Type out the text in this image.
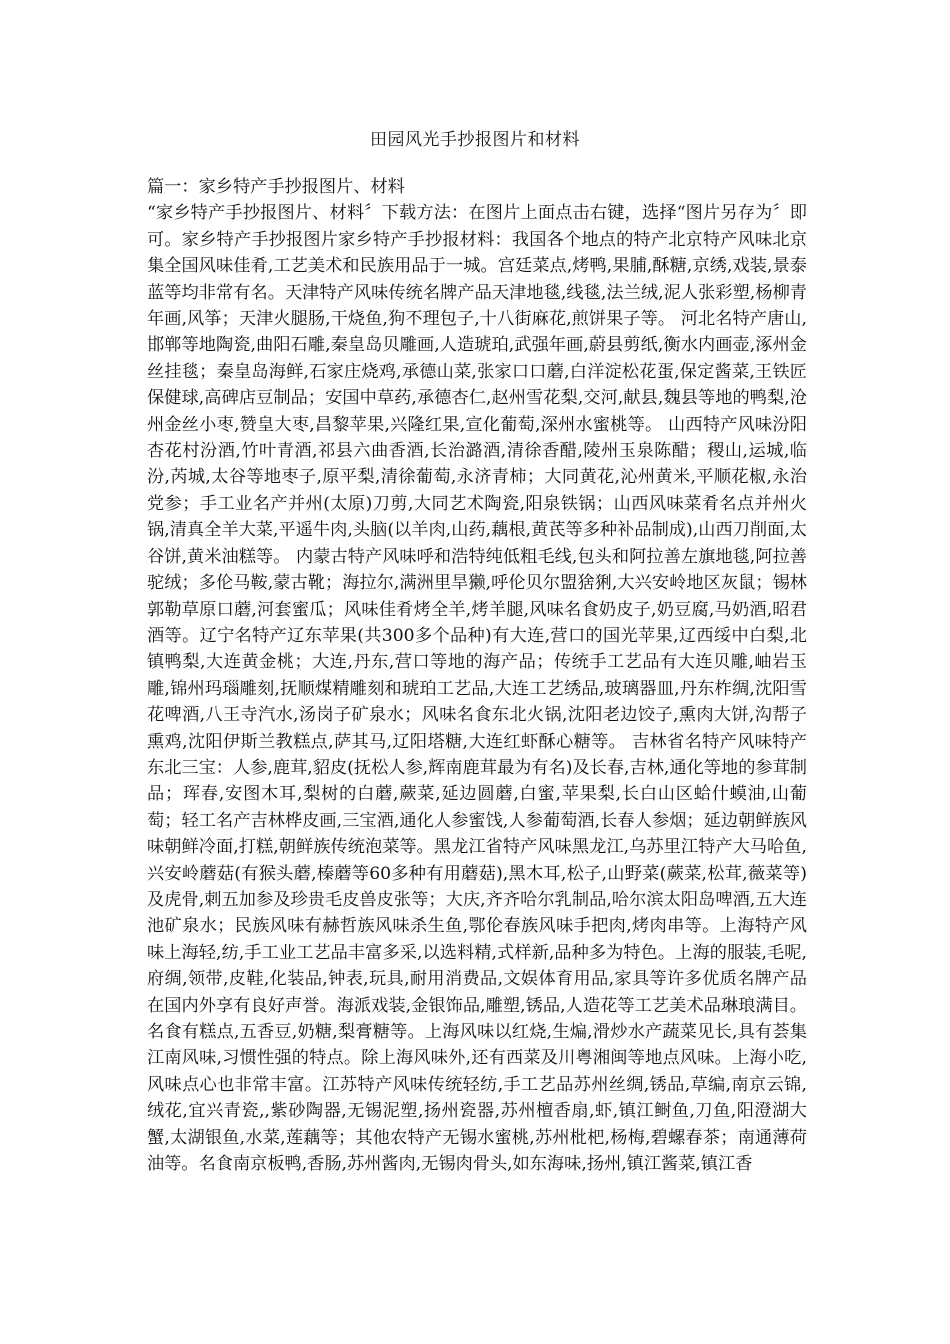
田园风光手抄报图片和材料
篇一：家乡特产手抄报图片、材料

“家乡特产手抄报图片、材料〞下载方法：在图片上面点击右键，选择“图片另存为〞即可。家乡特产手抄报图片家乡特产手抄报材料：我国各个地点的特产北京特产风味北京集全国风味佳肴,工艺美术和民族用品于一城。宫廷菜点,烤鸭,果脯,酥糖,京绣,戏装,景泰蓝等均非常有名。天津特产风味传统名牌产品天津地毯,线毯,法兰绒,泥人张彩塑,杨柳青年画,风筝；天津火腿肠,干烧鱼,狗不理包子,十八街麻花,煎饼果子等。 河北名特产唐山,邯郸等地陶瓷,曲阳石雕,秦皇岛贝雕画,人造琥珀,武强年画,蔚县剪纸,衡水内画壶,涿州金丝挂毯；秦皇岛海鲜,石家庄烧鸡,承德山菜,张家口口蘑,白洋淀松花蛋,保定酱菜,王铁匠保健球,高碑店豆制品；安国中草药,承德杏仁,赵州雪花梨,交河,献县,魏县等地的鸭梨,沧州金丝小枣,赞皇大枣,昌黎苹果,兴隆红果,宣化葡萄,深州水蜜桃等。 山西特产风味汾阳杏花村汾酒,竹叶青酒,祁县六曲香酒,长治潞酒,清徐香醋,陵州玉泉陈醋；稷山,运城,临汾,芮城,太谷等地枣子,原平梨,清徐葡萄,永济青柿；大同黄花,沁州黄米,平顺花椒,永治党参；手工业名产并州(太原)刀剪,大同艺术陶瓷,阳泉铁锅；山西风味菜肴名点并州火锅,清真全羊大菜,平遥牛肉,头脑(以羊肉,山药,藕根,黄芪等多种补品制成),山西刀削面,太谷饼,黄米油糕等。 内蒙古特产风味呼和浩特纯低粗毛线,包头和阿拉善左旗地毯,阿拉善驼绒；多伦马鞍,蒙古靴；海拉尔,满洲里旱獭,呼伦贝尔盟猞猁,大兴安岭地区灰鼠；锡林郭勒草原口蘑,河套蜜瓜；风味佳肴烤全羊,烤羊腿,风味名食奶皮子,奶豆腐,马奶酒,昭君酒等。辽宁名特产辽东苹果(共300多个品种)有大连,营口的国光苹果,辽西绥中白梨,北镇鸭梨,大连黄金桃；大连,丹东,营口等地的海产品；传统手工艺品有大连贝雕,岫岩玉雕,锦州玛瑙雕刻,抚顺煤精雕刻和琥珀工艺品,大连工艺绣品,玻璃器皿,丹东柞绸,沈阳雪花啤酒,八王寺汽水,汤岗子矿泉水；风味名食东北火锅,沈阳老边饺子,熏肉大饼,沟帮子熏鸡,沈阳伊斯兰教糕点,萨其马,辽阳塔糖,大连红虾酥心糖等。 吉林省名特产风味特产东北三宝：人参,鹿茸,貂皮(抚松人参,辉南鹿茸最为有名)及长春,吉林,通化等地的参茸制品；珲春,安图木耳,梨树的白蘑,蕨菜,延边圆蘑,白蜜,苹果梨,长白山区蛤什蟆油,山葡萄；轻工名产吉林桦皮画,三宝酒,通化人参蜜饯,人参葡萄酒,长春人参烟；延边朝鲜族风味朝鲜冷面,打糕,朝鲜族传统泡菜等。黑龙江省特产风味黑龙江,乌苏里江特产大马哈鱼,兴安岭蘑菇(有猴头蘑,榛蘑等60多种有用蘑菇),黑木耳,松子,山野菜(蕨菜,松茸,薇菜等)及虎骨,刺五加参及珍贵毛皮兽皮张等；大庆,齐齐哈尔乳制品,哈尔滨太阳岛啤酒,五大连池矿泉水；民族风味有赫哲族风味杀生鱼,鄂伦春族风味手把肉,烤肉串等。上海特产风味上海轻,纺,手工业工艺品丰富多采,以选料精,式样新,品种多为特色。上海的服装,毛呢,府绸,领带,皮鞋,化装品,钟表,玩具,耐用消费品,文娱体育用品,家具等许多优质名牌产品在国内外享有良好声誉。海派戏装,金银饰品,雕塑,锈品,人造花等工艺美术品琳琅满目。名食有糕点,五香豆,奶糖,梨膏糖等。上海风味以红烧,生煸,滑炒水产蔬菜见长,具有荟集江南风味,习惯性强的特点。除上海风味外,还有西菜及川粤湘闽等地点风味。上海小吃,风味点心也非常丰富。江苏特产风味传统轻纺,手工艺品苏州丝绸,锈品,草编,南京云锦,绒花,宜兴青瓷,,紫砂陶器,无锡泥塑,扬州瓷器,苏州檀香扇,虾,镇江鲥鱼,刀鱼,阳澄湖大蟹,太湖银鱼,水菜,莲藕等；其他农特产无锡水蜜桃,苏州枇杷,杨梅,碧螺春茶；南通薄荷油等。名食南京板鸭,香肠,苏州酱肉,无锡肉骨头,如东海味,扬州,镇江酱菜,镇江香
